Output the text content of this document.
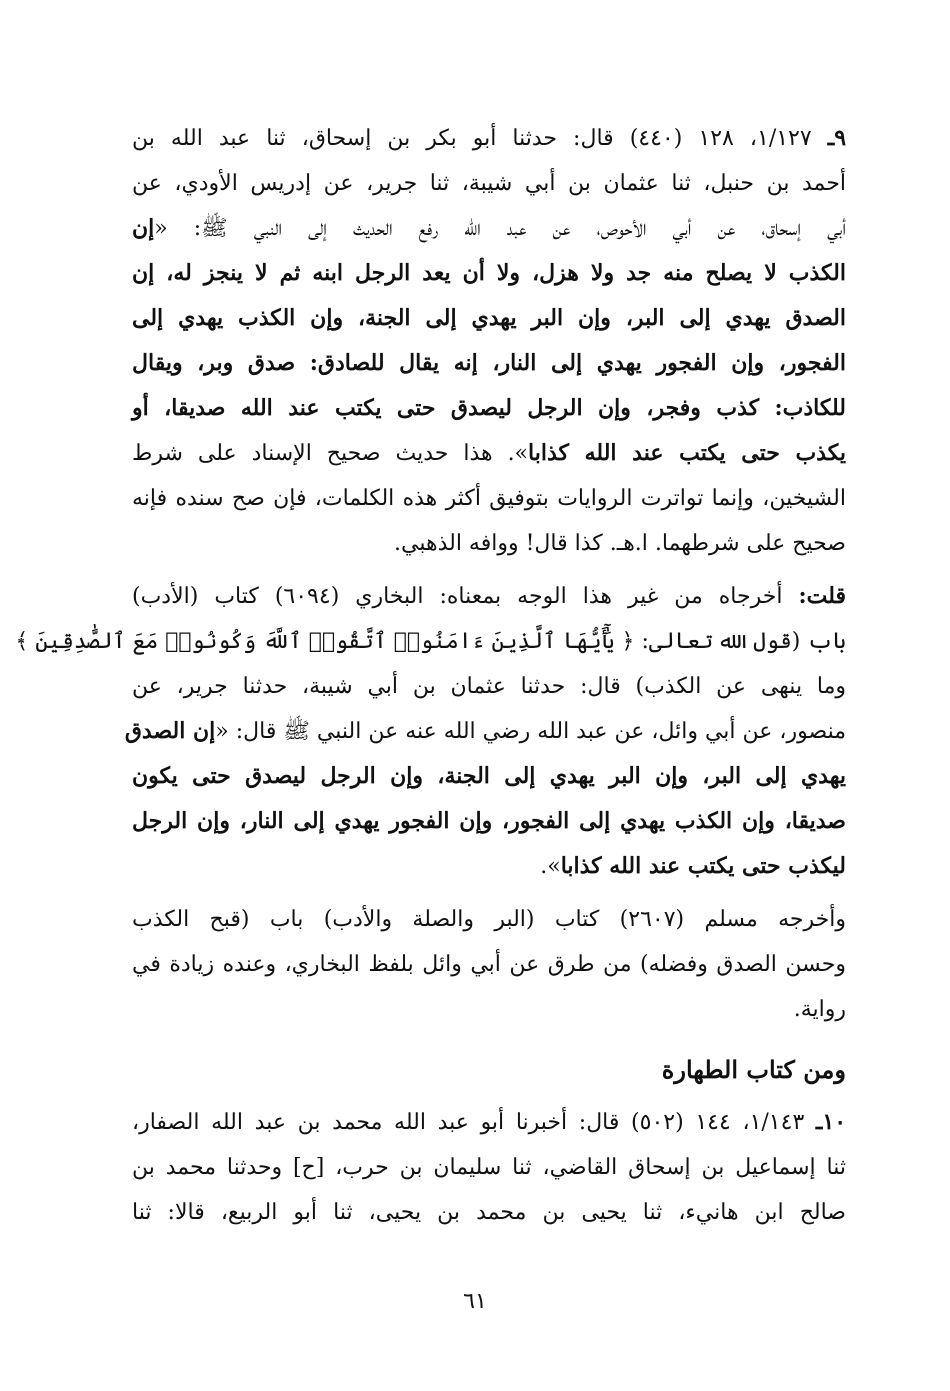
٩ـ ١/١٢٧، ١٢٨ (٤٤٠) قال: حدثنا أبو بكر بن إسحاق، ثنا عبد الله بن
أحمد بن حنبل، ثنا عثمان بن أبي شيبة، ثنا جرير، عن إدريس الأودي، عن
أبي إسحاق، عن أبي الأحوص، عن عبد الله رفع الحديث إلى النبي ﷺ: «إن
الكذب لا يصلح منه جد ولا هزل، ولا أن يعد الرجل ابنه ثم لا ينجز له، إن
الصدق يهدي إلى البر، وإن البر يهدي إلى الجنة، وإن الكذب يهدي إلى
الفجور، وإن الفجور يهدي إلى النار، إنه يقال للصادق: صدق وبر، ويقال
للكاذب: كذب وفجر، وإن الرجل ليصدق حتى يكتب عند الله صديقا، أو
يكذب حتى يكتب عند الله كذابا». هذا حديث صحيح الإسناد على شرط
الشيخين، وإنما تواترت الروايات بتوفيق أكثر هذه الكلمات، فإن صح سنده فإنه
صحيح على شرطهما. ا.هـ. كذا قال! ووافه الذهبي.
قلت: أخرجاه من غير هذا الوجه بمعناه: البخاري (٦٠٩٤) كتاب (الأدب)
باب (قول الله تعالى: ﴿ يَٰٓأَيُّهَا ٱلَّذِينَ ءَامَنُوا۟ ٱتَّقُوا۟ ٱللَّهَ وَكُونُوا۟ مَعَ ٱلصَّٰدِقِينَ ﴾
وما ينهى عن الكذب) قال: حدثنا عثمان بن أبي شيبة، حدثنا جرير، عن
منصور، عن أبي وائل، عن عبد الله رضي الله عنه عن النبي ﷺ قال: «إن الصدق
يهدي إلى البر، وإن البر يهدي إلى الجنة، وإن الرجل ليصدق حتى يكون
صديقا، وإن الكذب يهدي إلى الفجور، وإن الفجور يهدي إلى النار، وإن الرجل
ليكذب حتى يكتب عند الله كذابا».
وأخرجه مسلم (٢٦٠٧) كتاب (البر والصلة والأدب) باب (قبح الكذب
وحسن الصدق وفضله) من طرق عن أبي وائل بلفظ البخاري، وعنده زيادة في
رواية.
ومن كتاب الطهارة
١٠ـ ١/١٤٣، ١٤٤ (٥٠٢) قال: أخبرنا أبو عبد الله محمد بن عبد الله الصفار،
ثنا إسماعيل بن إسحاق القاضي، ثنا سليمان بن حرب، [ح] وحدثنا محمد بن
صالح ابن هانيء، ثنا يحيى بن محمد بن يحيى، ثنا أبو الربيع، قالا: ثنا
٦١
